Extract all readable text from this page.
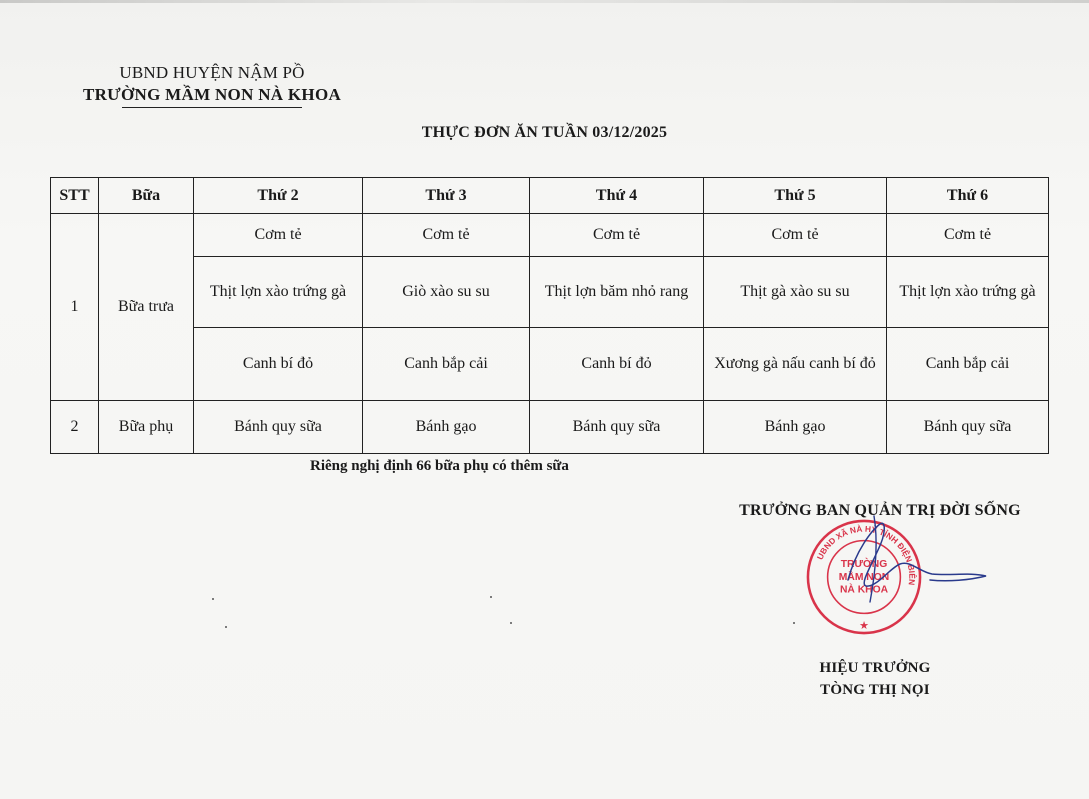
UBND HUYỆN NẬM PỒ
TRƯỜNG MẦM NON NÀ KHOA
THỰC ĐƠN ĂN TUẦN 03/12/2025
STT	Bữa	Thứ 2	Thứ 3	Thứ 4	Thứ 5	Thứ 6
1	Bữa trưa	Cơm tẻ	Cơm tẻ	Cơm tẻ	Cơm tẻ	Cơm tẻ
		Thịt lợn xào trứng gà	Giò xào su su	Thịt lợn băm nhỏ rang	Thịt gà xào su su	Thịt lợn xào trứng gà
		Canh bí đỏ	Canh bắp cải	Canh bí đỏ	Xương gà nấu canh bí đỏ	Canh bắp cải
2	Bữa phụ	Bánh quy sữa	Bánh gạo	Bánh quy sữa	Bánh gạo	Bánh quy sữa
Riêng nghị định 66 bữa phụ có thêm sữa
TRƯỞNG BAN QUẢN TRỊ ĐỜI SỐNG
UBND XÃ NÀ HỲ TỈNH ĐIỆN BIÊN
TRƯỜNG
MẦM NON
NÀ KHOA
★
HIỆU TRƯỞNG
TÒNG THỊ NỌI
